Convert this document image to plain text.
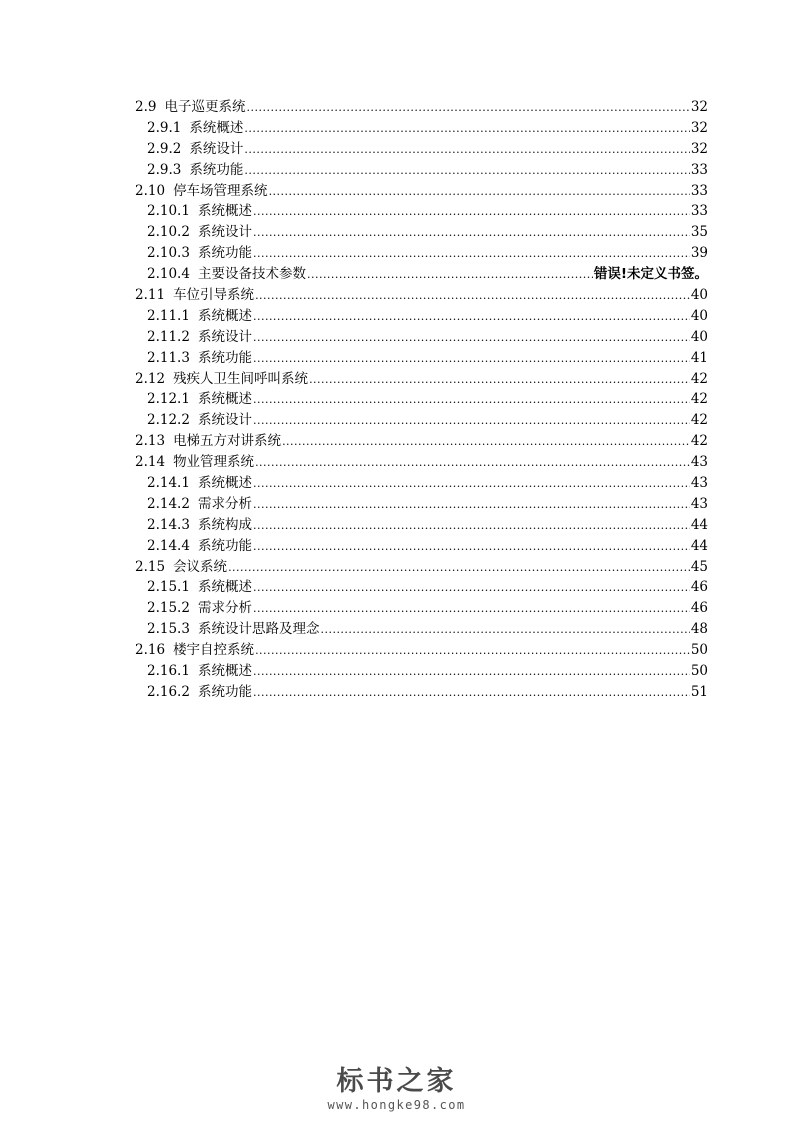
2.9 电子巡更系统 .....	32
2.9.1 系统概述 .....	32
2.9.2 系统设计 .....	32
2.9.3 系统功能 .....	33
2.10 停车场管理系统 .....	33
2.10.1 系统概述 .....	33
2.10.2 系统设计 .....	35
2.10.3 系统功能 .....	39
2.10.4 主要设备技术参数 .....	错误!未定义书签。
2.11 车位引导系统 .....	40
2.11.1 系统概述 .....	40
2.11.2 系统设计 .....	40
2.11.3 系统功能 .....	41
2.12 残疾人卫生间呼叫系统 .....	42
2.12.1 系统概述 .....	42
2.12.2 系统设计 .....	42
2.13 电梯五方对讲系统 .....	42
2.14 物业管理系统 .....	43
2.14.1 系统概述 .....	43
2.14.2 需求分析 .....	43
2.14.3 系统构成 .....	44
2.14.4 系统功能 .....	44
2.15 会议系统 .....	45
2.15.1 系统概述 .....	46
2.15.2 需求分析 .....	46
2.15.3 系统设计思路及理念 .....	48
2.16 楼宇自控系统 .....	50
2.16.1 系统概述 .....	50
2.16.2 系统功能 .....	51
标书之家
www.hongke98.com
